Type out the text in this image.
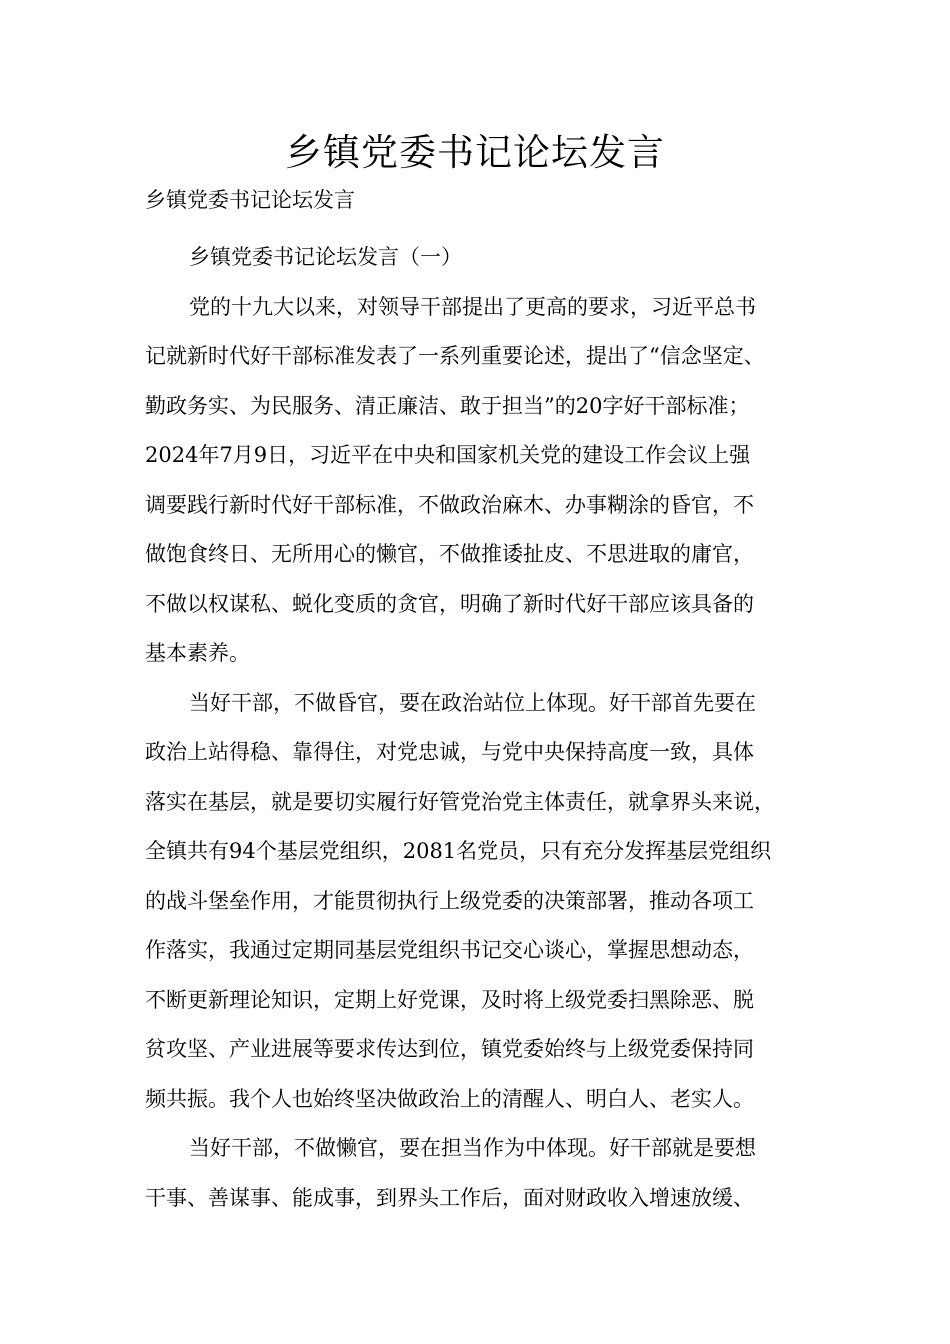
乡镇党委书记论坛发言

乡镇党委书记论坛发言

乡镇党委书记论坛发言（一）

党的十九大以来，对领导干部提出了更高的要求，习近平总书
记就新时代好干部标准发表了一系列重要论述，提出了“信念坚定、
勤政务实、为民服务、清正廉洁、敢于担当”的20字好干部标准；
2024年7月9日，习近平在中央和国家机关党的建设工作会议上强
调要践行新时代好干部标准，不做政治麻木、办事糊涂的昏官，不
做饱食终日、无所用心的懒官，不做推诿扯皮、不思进取的庸官，
不做以权谋私、蜕化变质的贪官，明确了新时代好干部应该具备的
基本素养。

当好干部，不做昏官，要在政治站位上体现。好干部首先要在
政治上站得稳、靠得住，对党忠诚，与党中央保持高度一致，具体
落实在基层，就是要切实履行好管党治党主体责任，就拿界头来说，
全镇共有94个基层党组织，2081名党员，只有充分发挥基层党组织
的战斗堡垒作用，才能贯彻执行上级党委的决策部署，推动各项工
作落实，我通过定期同基层党组织书记交心谈心，掌握思想动态，
不断更新理论知识，定期上好党课，及时将上级党委扫黑除恶、脱
贫攻坚、产业进展等要求传达到位，镇党委始终与上级党委保持同
频共振。我个人也始终坚决做政治上的清醒人、明白人、老实人。

当好干部，不做懒官，要在担当作为中体现。好干部就是要想
干事、善谋事、能成事，到界头工作后，面对财政收入增速放缓、
